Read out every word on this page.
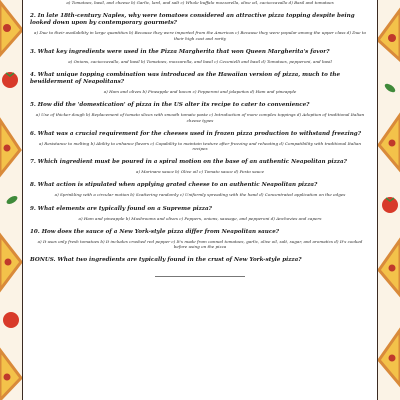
a) Tomatoes, basil, and cheese b) Garlic, lard, and salt c) Whole buffalo mozzarella, olive oil, cacioccavallo d) Basil and tomatoes
2. In late 18th-century Naples, why were tomatoes considered an attractive pizza topping despite being looked down upon by contemporary gourmets?
a) Due to their availability in large quantities b) Because they were imported from the Americas c) Because they were popular among the upper class d) Due to their high cost and rarity
3. What key ingredients were used in the Pizza Margherita that won Queen Margherita's favor?
a) Onions, cacioccavallo, and basil b) Tomatoes, mozzarella, and basil c) Cecenielli and basil d) Tomatoes, pepperoni, and basil
4. What unique topping combination was introduced as the Hawaiian version of pizza, much to the bewilderment of Neapolitans?
a) Ham and olives b) Pineapple and bacon c) Pepperoni and jalapeños d) Ham and pineapple
5. How did the 'domestication' of pizza in the US alter its recipe to cater to convenience?
a) Use of thicker dough b) Replacement of tomato slices with smooth tomato paste c) Introduction of more complex toppings d) Adoption of traditional Italian cheese types
6. What was a crucial requirement for the cheeses used in frozen pizza production to withstand freezing?
a) Resistance to melting b) Ability to enhance flavors c) Capability to maintain texture after freezing and reheating d) Compatibility with traditional Italian recipes
7. Which ingredient must be poured in a spiral motion on the base of an authentic Neapolitan pizza?
a) Marinara sauce b) Olive oil c) Tomato sauce d) Pesto sauce
8. What action is stipulated when applying grated cheese to an authentic Neapolitan pizza?
a) Sprinkling with a circular motion b) Scattering randomly c) Uniformly spreading with the hand d) Concentrated application on the edges
9. What elements are typically found on a Supreme pizza?
a) Ham and pineapple b) Mushrooms and olives c) Peppers, onions, sausage, and pepperoni d) Anchovies and capers
10. How does the sauce of a New York-style pizza differ from Neapolitan sauce?
a) It uses only fresh tomatoes b) It includes crushed red pepper c) It's made from canned tomatoes, garlic, olive oil, salt, sugar, and aromatics d) It's cooked before using on the pizza
BONUS. What two ingredients are typically found in the crust of New York-style pizza?
